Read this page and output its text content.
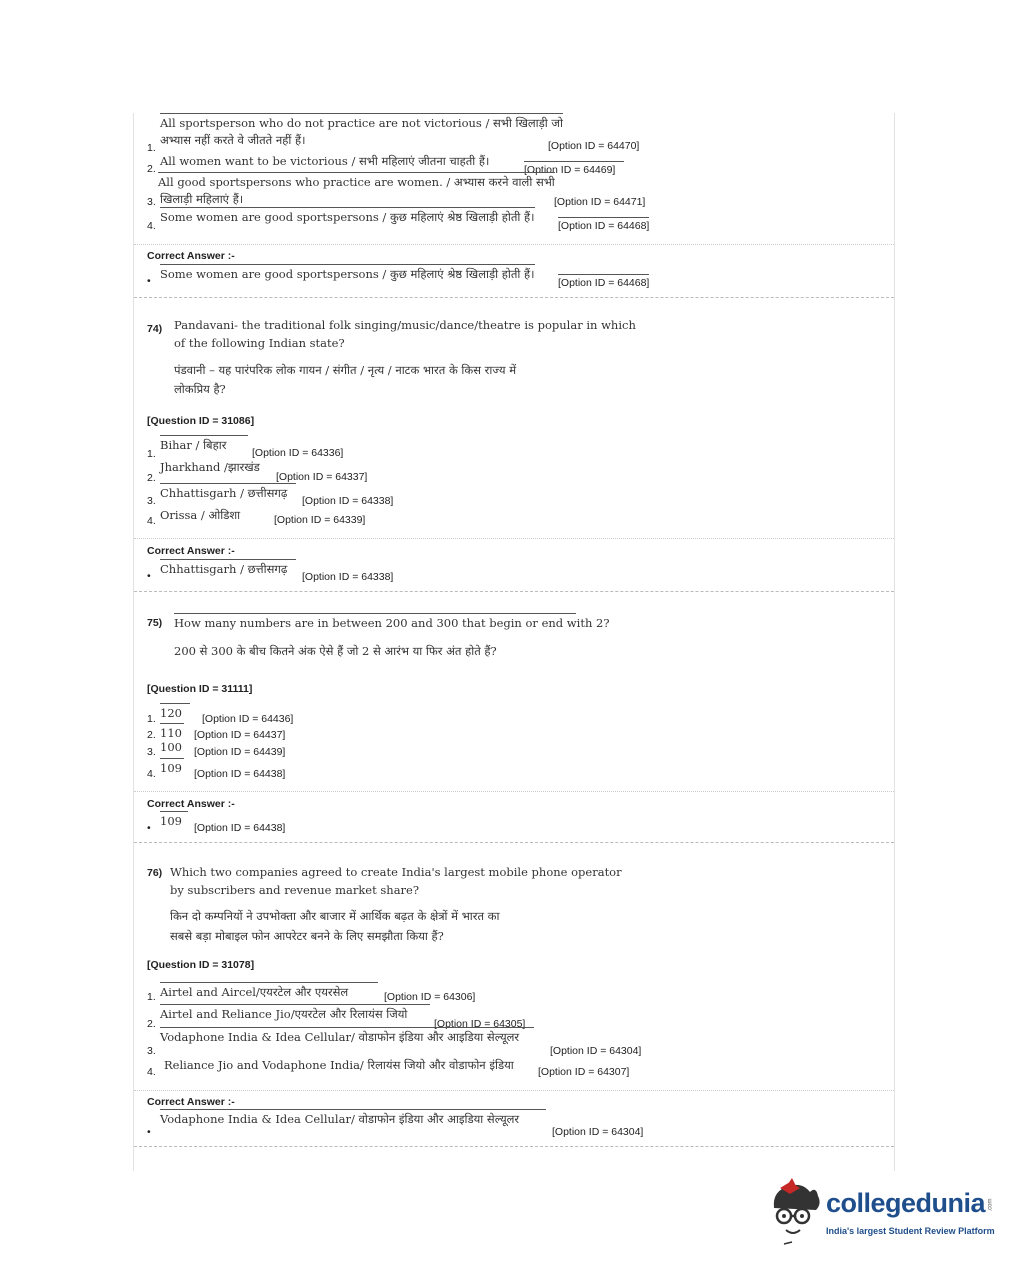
All sportsperson who do not practice are not victorious / सभी खिलाड़ी जो
1.
अभ्यास नहीं करते वे जीतते नहीं हैं।	[Option ID = 64470]
2.
All women want to be victorious / सभी महिलाएं जीतना चाहती हैं।
[Option ID = 64469]
All good sportspersons who practice are women. / अभ्यास करने वाली सभी
3. खिलाड़ी महिलाएं हैं।	[Option ID = 64471]
4.
Some women are good sportspersons / कुछ महिलाएं श्रेष्ठ खिलाड़ी होती हैं।
[Option ID = 64468]
Correct Answer :-
• Some women are good sportspersons / कुछ महिलाएं श्रेष्ठ खिलाड़ी होती हैं।
[Option ID = 64468]
74) Pandavani- the traditional folk singing/music/dance/theatre is popular in which
of the following Indian state?
पंडवानी – यह पारंपरिक लोक गायन / संगीत / नृत्य / नाटक भारत के किस राज्य में
लोकप्रिय है?
[Question ID = 31086]
1.
Bihar / बिहार
[Option ID = 64336]
2.
Jharkhand /झारखंड
[Option ID = 64337]
3.
Chhattisgarh / छत्तीसगढ़
[Option ID = 64338]
4. Orissa / ओडिशा	[Option ID = 64339]
Correct Answer :-
• Chhattisgarh / छत्तीसगढ़
[Option ID = 64338]
75) How many numbers are in between 200 and 300 that begin or end with 2?
200 से 300 के बीच कितने अंक ऐसे हैं जो 2 से आरंभ या फिर अंत होते हैं?
[Question ID = 31111]
1. 120	[Option ID = 64436]
2. 110 [Option ID = 64437]
3. 100 [Option ID = 64439]
4. 109 [Option ID = 64438]
Correct Answer :-
• 109	[Option ID = 64438]
76) Which two companies agreed to create India's largest mobile phone operator
by subscribers and revenue market share?
किन दो कम्पनियों ने उपभोक्ता और बाजार में आर्थिक बढ़त के क्षेत्रों में भारत का
सबसे बड़ा मोबाइल फोन आपरेटर बनने के लिए समझौता किया हैं?
[Question ID = 31078]
1. Airtel and Aircel/एयरटेल और एयरसेल	[Option ID = 64306]
2.
Airtel and Reliance Jio/एयरटेल और रिलायंस जियो
[Option ID = 64305]
3.
Vodaphone India & Idea Cellular/ वोडाफोन इंडिया और आइडिया सेल्यूलर
[Option ID = 64304]
4. Reliance Jio and Vodaphone India/ रिलायंस जियो और वोडाफोन इंडिया [Option ID = 64307]
Correct Answer :-
•
Vodaphone India & Idea Cellular/ वोडाफोन इंडिया और आइडिया सेल्यूलर
[Option ID = 64304]
collegedunia .com
India's largest Student Review Platform
